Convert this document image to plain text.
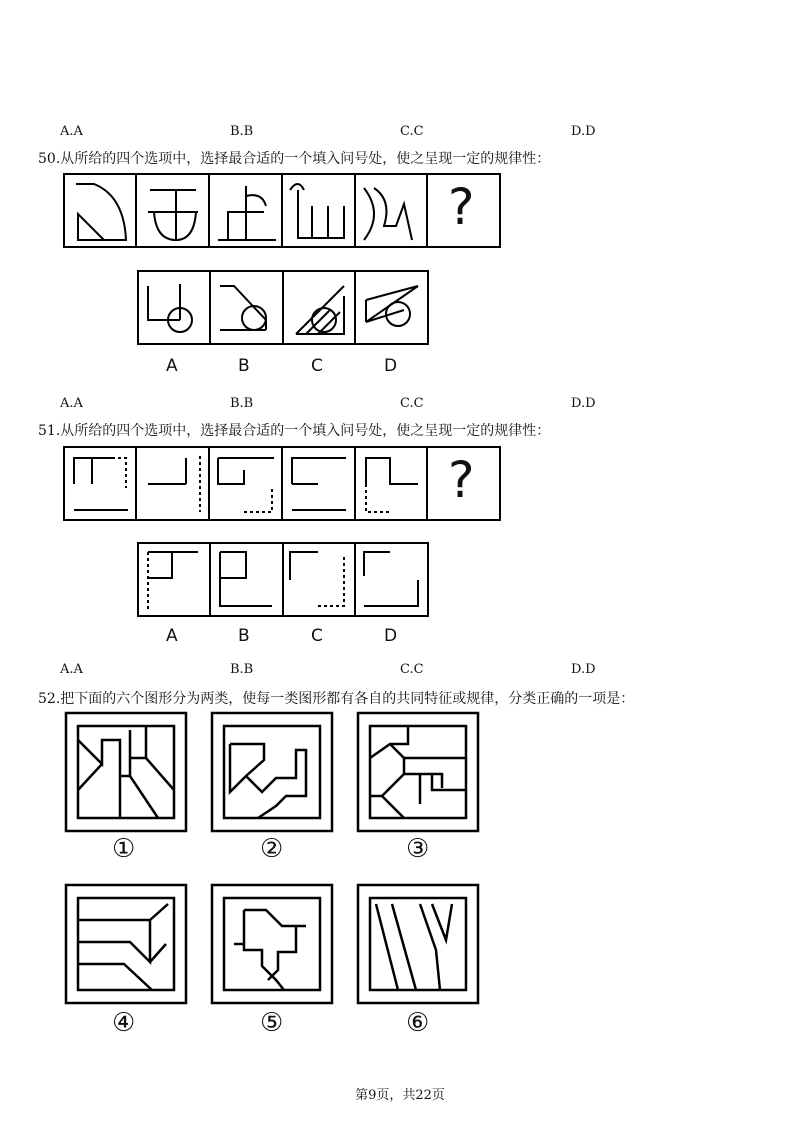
A.A	B.B	C.C	D.D
50.从所给的四个选项中，选择最合适的一个填入问号处，使之呈现一定的规律性：
?
A	B	C	D
A.A	B.B	C.C	D.D
51.从所给的四个选项中，选择最合适的一个填入问号处，使之呈现一定的规律性：
?
A	B	C	D
A.A	B.B	C.C	D.D
52.把下面的六个图形分为两类，使每一类图形都有各自的共同特征或规律，分类正确的一项是：
①	②	③
④	⑤	⑥
第9页，共22页
